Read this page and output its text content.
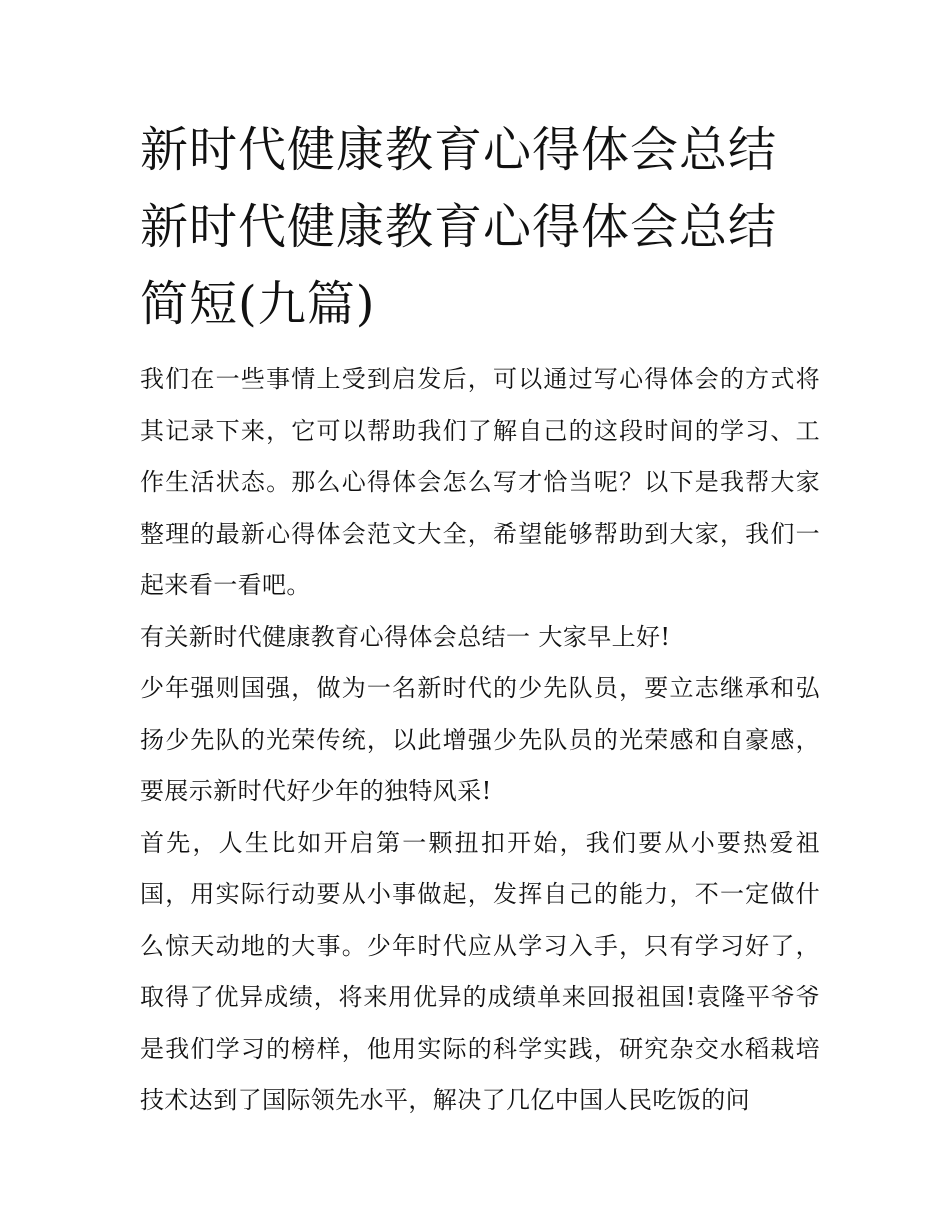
新时代健康教育心得体会总结
新时代健康教育心得体会总结
简短(九篇)

我们在一些事情上受到启发后，可以通过写心得体会的方式将其记录下来，它可以帮助我们了解自己的这段时间的学习、工作生活状态。那么心得体会怎么写才恰当呢？以下是我帮大家整理的最新心得体会范文大全，希望能够帮助到大家，我们一起来看一看吧。

有关新时代健康教育心得体会总结一 大家早上好!

少年强则国强，做为一名新时代的少先队员，要立志继承和弘扬少先队的光荣传统，以此增强少先队员的光荣感和自豪感，要展示新时代好少年的独特风采!

首先，人生比如开启第一颗扭扣开始，我们要从小要热爱祖国，用实际行动要从小事做起，发挥自己的能力，不一定做什么惊天动地的大事。少年时代应从学习入手，只有学习好了，取得了优异成绩，将来用优异的成绩单来回报祖国!袁隆平爷爷是我们学习的榜样，他用实际的科学实践，研究杂交水稻栽培技术达到了国际领先水平，解决了几亿中国人民吃饭的问
